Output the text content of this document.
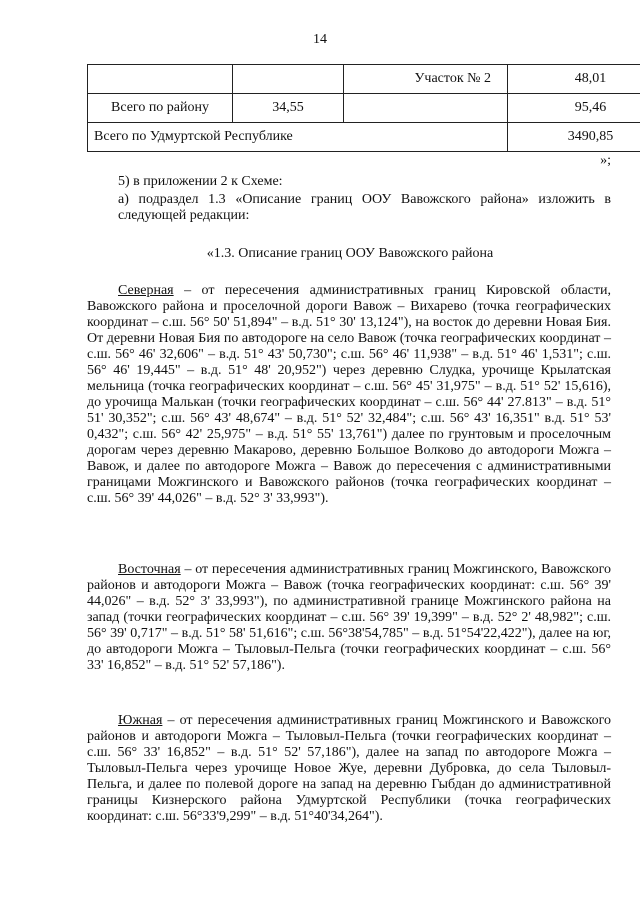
14
		Участок № 2	48,01
Всего по району	34,55		95,46
Всего по Удмуртской Республике			3490,85
»;
5) в приложении 2 к Схеме:
а) подраздел 1.3 «Описание границ ООУ Вавожского района» изложить в следующей редакции:
«1.3. Описание границ ООУ Вавожского района

Северная – от пересечения административных границ Кировской области, Вавожского района и проселочной дороги Вавож – Вихарево (точка географических координат – с.ш. 56° 50' 51,894" – в.д. 51° 30' 13,124"), на восток до деревни Новая Бия. От деревни Новая Бия по автодороге на село Вавож (точка географических координат – с.ш. 56° 46' 32,606" – в.д. 51° 43' 50,730"; с.ш. 56° 46' 11,938" – в.д. 51° 46' 1,531"; с.ш. 56° 46' 19,445" – в.д. 51° 48' 20,952") через деревню Слудка, урочище Крылатская мельница (точка географических координат – с.ш. 56° 45' 31,975" – в.д. 51° 52' 15,616), до урочища Малькан (точки географических координат – с.ш. 56° 44' 27.813" – в.д. 51° 51' 30,352"; с.ш. 56° 43' 48,674" – в.д. 51° 52' 32,484"; с.ш. 56° 43' 16,351" в.д. 51° 53' 0,432"; с.ш. 56° 42' 25,975" – в.д. 51° 55' 13,761") далее по грунтовым и проселочным дорогам через деревню Макарово, деревню Большое Волково до автодороги Можга – Вавож, и далее по автодороге Можга – Вавож до пересечения с административными границами Можгинского и Вавожского районов (точка географических координат – с.ш. 56° 39' 44,026" – в.д. 52° 3' 33,993").

Восточная – от пересечения административных границ Можгинского, Вавожского районов и автодороги Можга – Вавож (точка географических координат: с.ш. 56° 39' 44,026" – в.д. 52° 3' 33,993"), по административной границе Можгинского района на запад (точки географических координат – с.ш. 56° 39' 19,399" – в.д. 52° 2' 48,982"; с.ш. 56° 39' 0,717" – в.д. 51° 58' 51,616"; с.ш. 56°38'54,785" – в.д. 51°54'22,422"), далее на юг, до автодороги Можга – Тыловыл-Пельга (точки географических координат – с.ш. 56° 33' 16,852" – в.д. 51° 52' 57,186").

Южная – от пересечения административных границ Можгинского и Вавожского районов и автодороги Можга – Тыловыл-Пельга (точки географических координат – с.ш. 56° 33' 16,852" – в.д. 51° 52' 57,186"), далее на запад по автодороге Можга – Тыловыл-Пельга через урочище Новое Жуе, деревни Дубровка, до села Тыловыл-Пельга, и далее по полевой дороге на запад на деревню Гыбдан до административной границы Кизнерского района Удмуртской Республики (точка географических координат: с.ш. 56°33'9,299" – в.д. 51°40'34,264").
